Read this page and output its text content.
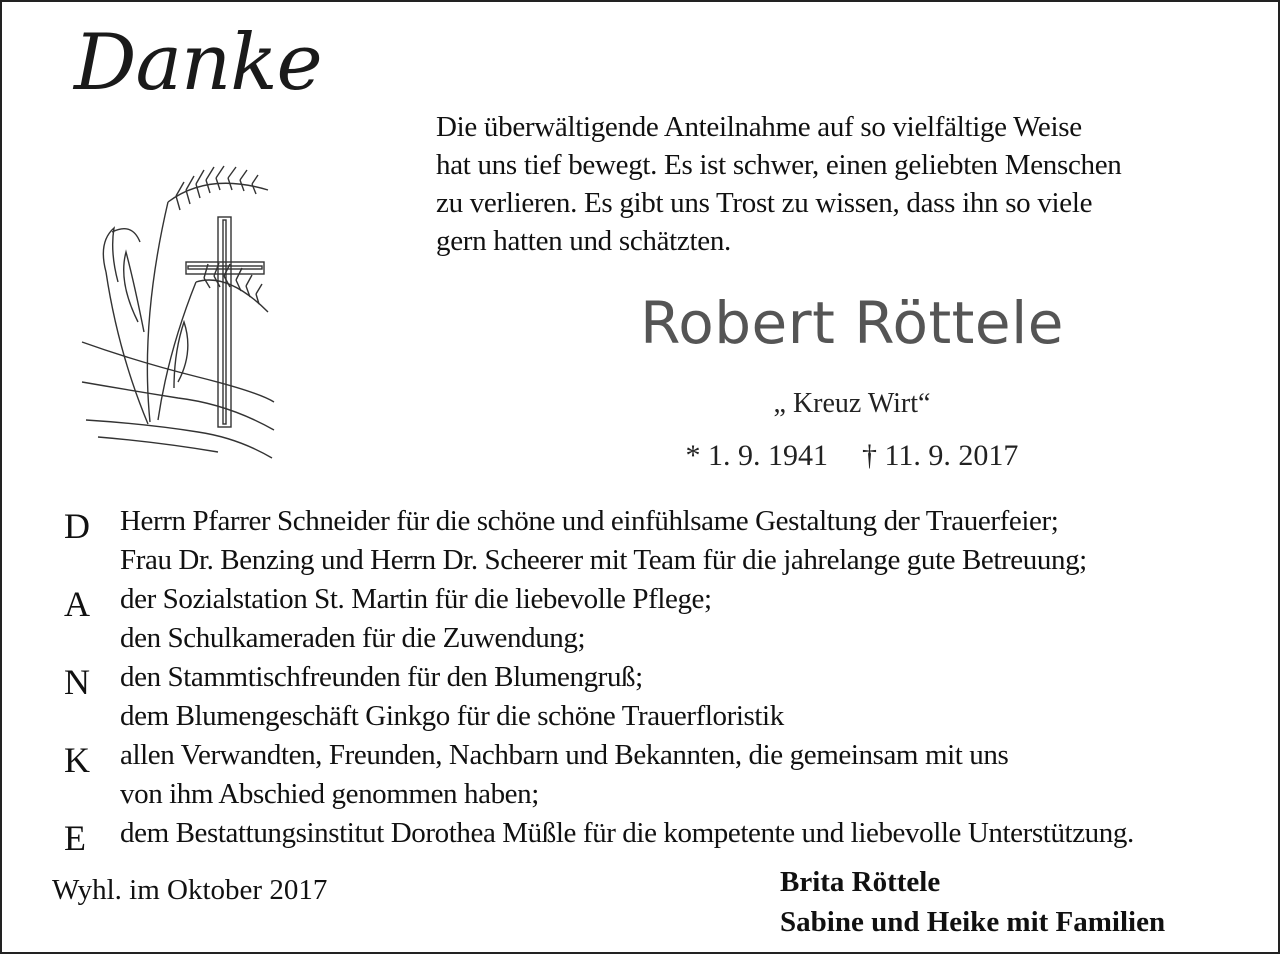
Danke
Die überwältigende Anteilnahme auf so vielfältige Weise
hat uns tief bewegt. Es ist schwer, einen geliebten Menschen
zu verlieren. Es gibt uns Trost zu wissen, dass ihn so viele
gern hatten und schätzten.
Robert Röttele
„ Kreuz Wirt“
* 1. 9. 1941 † 11. 9. 2017
D Herrn Pfarrer Schneider für die schöne und einfühlsame Gestaltung der Trauerfeier;
Frau Dr. Benzing und Herrn Dr. Scheerer mit Team für die jahrelange gute Betreuung;
A der Sozialstation St. Martin für die liebevolle Pflege;
den Schulkameraden für die Zuwendung;
N den Stammtischfreunden für den Blumengruß;
dem Blumengeschäft Ginkgo für die schöne Trauerfloristik
K allen Verwandten, Freunden, Nachbarn und Bekannten, die gemeinsam mit uns
von ihm Abschied genommen haben;
E dem Bestattungsinstitut Dorothea Müßle für die kompetente und liebevolle Unterstützung.
Wyhl. im Oktober 2017	Brita Röttele
Sabine und Heike mit Familien
